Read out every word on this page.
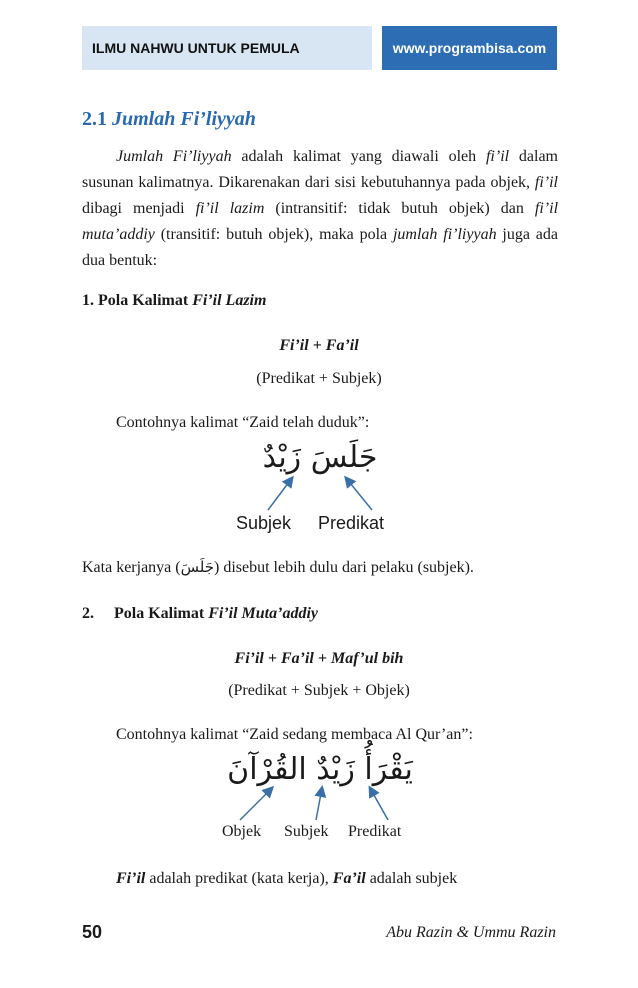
ILMU NAHWU UNTUK PEMULA	www.programbisa.com
2.1 Jumlah Fi’liyyah
Jumlah Fi’liyyah adalah kalimat yang diawali oleh fi’il dalam susunan kalimatnya. Dikarenakan dari sisi kebutuhannya pada objek, fi’il dibagi menjadi fi’il lazim (intransitif: tidak butuh objek) dan fi’il muta’addiy (transitif: butuh objek), maka pola jumlah fi’liyyah juga ada dua bentuk:
1. Pola Kalimat Fi’il Lazim
Fi’il + Fa’il
(Predikat + Subjek)
Contohnya kalimat “Zaid telah duduk”:
جَلَسَ زَيْدٌ
Subjek Predikat
Kata kerjanya (جَلَسَ) disebut lebih dulu dari pelaku (subjek).
2. Pola Kalimat Fi’il Muta’addiy
Fi’il + Fa’il + Maf’ul bih
(Predikat + Subjek + Objek)
Contohnya kalimat “Zaid sedang membaca Al Qur’an”:
يَقْرَأُ زَيْدٌ القُرْآنَ
Objek Subjek Predikat
Fi’il adalah predikat (kata kerja), Fa’il adalah subjek
50	Abu Razin & Ummu Razin
